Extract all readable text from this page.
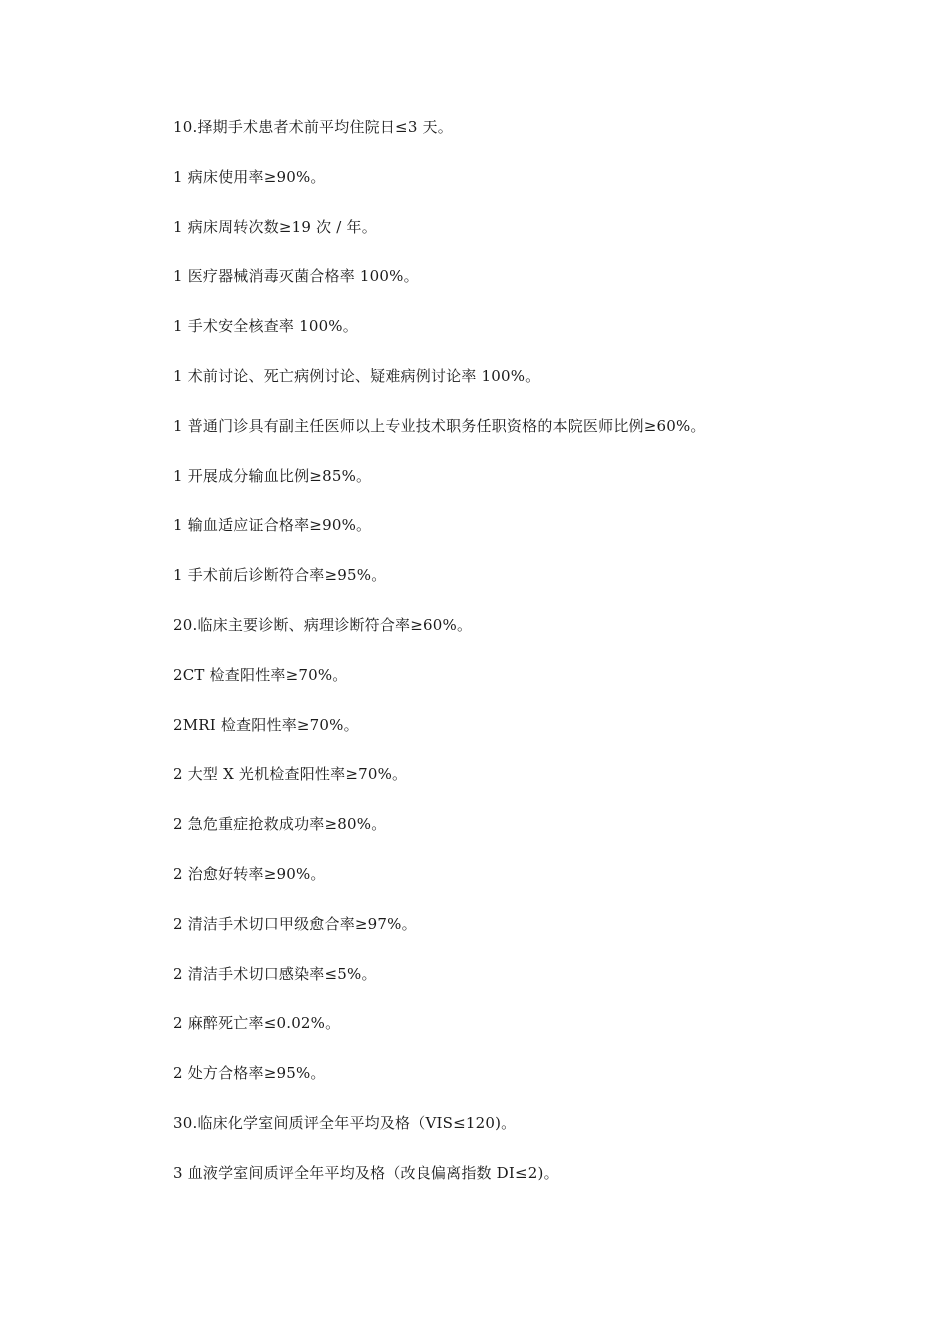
10.择期手术患者术前平均住院日≤3 天。
1 病床使用率≥90%。
1 病床周转次数≥19 次 / 年。
1 医疗器械消毒灭菌合格率 100%。
1 手术安全核查率 100%。
1 术前讨论、死亡病例讨论、疑难病例讨论率 100%。
1 普通门诊具有副主任医师以上专业技术职务任职资格的本院医师比例≥60%。
1 开展成分输血比例≥85%。
1 输血适应证合格率≥90%。
1 手术前后诊断符合率≥95%。
20.临床主要诊断、病理诊断符合率≥60%。
2CT 检查阳性率≥70%。
2MRI 检查阳性率≥70%。
2 大型 X 光机检查阳性率≥70%。
2 急危重症抢救成功率≥80%。
2 治愈好转率≥90%。
2 清洁手术切口甲级愈合率≥97%。
2 清洁手术切口感染率≤5%。
2 麻醉死亡率≤0.02%。
2 处方合格率≥95%。
30.临床化学室间质评全年平均及格（VIS≤120)。
3 血液学室间质评全年平均及格（改良偏离指数 DI≤2)。
